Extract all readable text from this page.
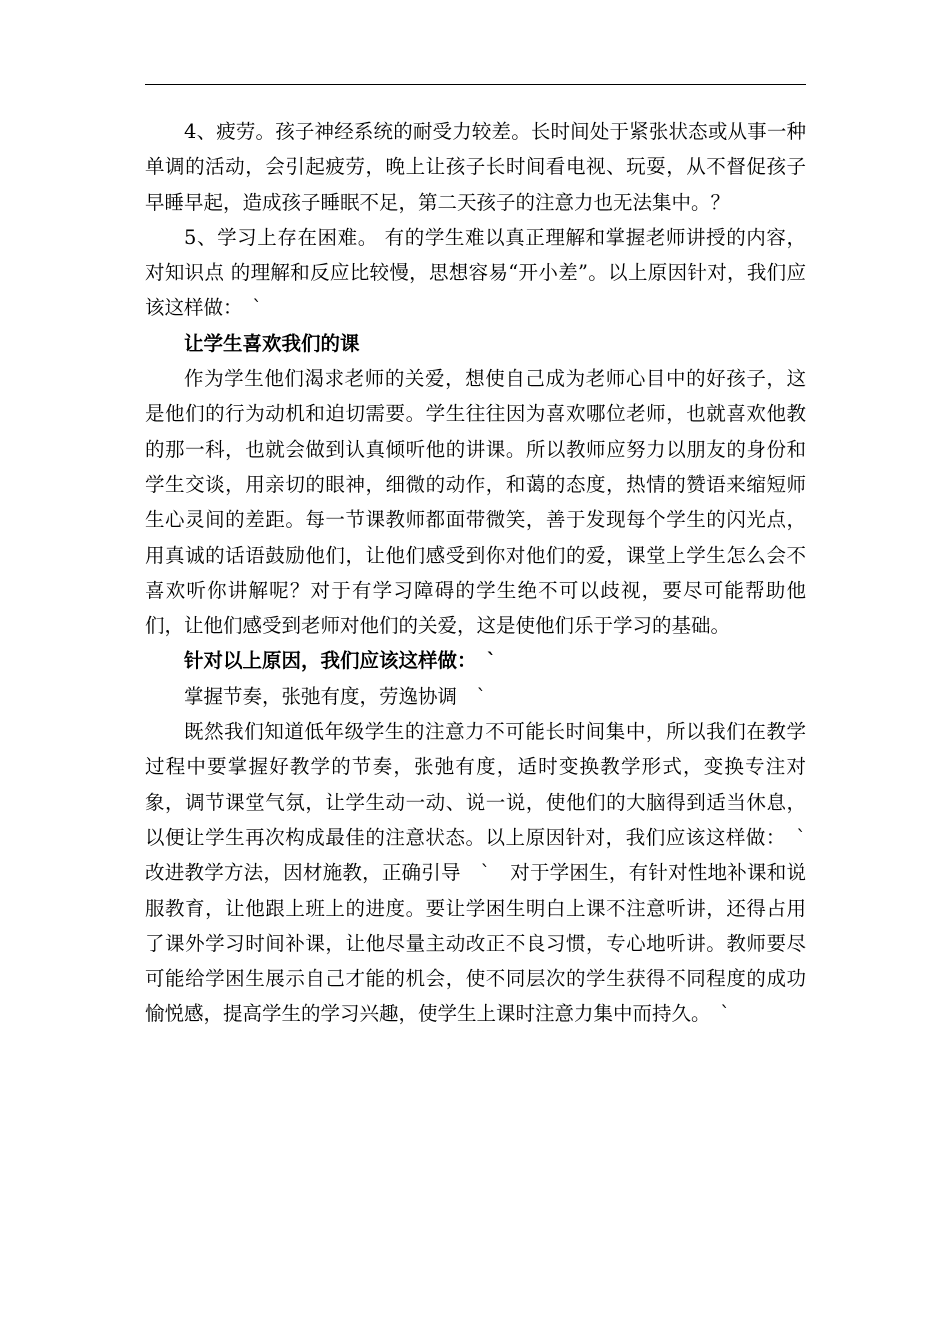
4、疲劳。孩子神经系统的耐受力较差。长时间处于紧张状态或从事一种单调的活动，会引起疲劳，晚上让孩子长时间看电视、玩耍，从不督促孩子早睡早起，造成孩子睡眠不足，第二天孩子的注意力也无法集中。？

5、学习上存在困难。 有的学生难以真正理解和掌握老师讲授的内容，对知识点 的理解和反应比较慢，思想容易“开小差”。以上原因针对，我们应该这样做：　`

让学生喜欢我们的课

作为学生他们渴求老师的关爱，想使自己成为老师心目中的好孩子，这是他们的行为动机和迫切需要。学生往往因为喜欢哪位老师，也就喜欢他教的那一科，也就会做到认真倾听他的讲课。所以教师应努力以朋友的身份和学生交谈，用亲切的眼神，细微的动作，和蔼的态度，热情的赞语来缩短师生心灵间的差距。每一节课教师都面带微笑，善于发现每个学生的闪光点，用真诚的话语鼓励他们，让他们感受到你对他们的爱，课堂上学生怎么会不喜欢听你讲解呢？对于有学习障碍的学生绝不可以歧视，要尽可能帮助他们，让他们感受到老师对他们的关爱，这是使他们乐于学习的基础。

针对以上原因，我们应该这样做：　`

掌握节奏，张弛有度，劳逸协调　`

既然我们知道低年级学生的注意力不可能长时间集中，所以我们在教学过程中要掌握好教学的节奏，张弛有度，适时变换教学形式，变换专注对象，调节课堂气氛，让学生动一动、说一说，使他们的大脑得到适当休息，以便让学生再次构成最佳的注意状态。以上原因针对，我们应该这样做：　`改进教学方法，因材施教，正确引导　`　对于学困生，有针对性地补课和说服教育，让他跟上班上的进度。要让学困生明白上课不注意听讲，还得占用了课外学习时间补课，让他尽量主动改正不良习惯，专心地听讲。教师要尽可能给学困生展示自己才能的机会，使不同层次的学生获得不同程度的成功愉悦感，提高学生的学习兴趣，使学生上课时注意力集中而持久。　`
